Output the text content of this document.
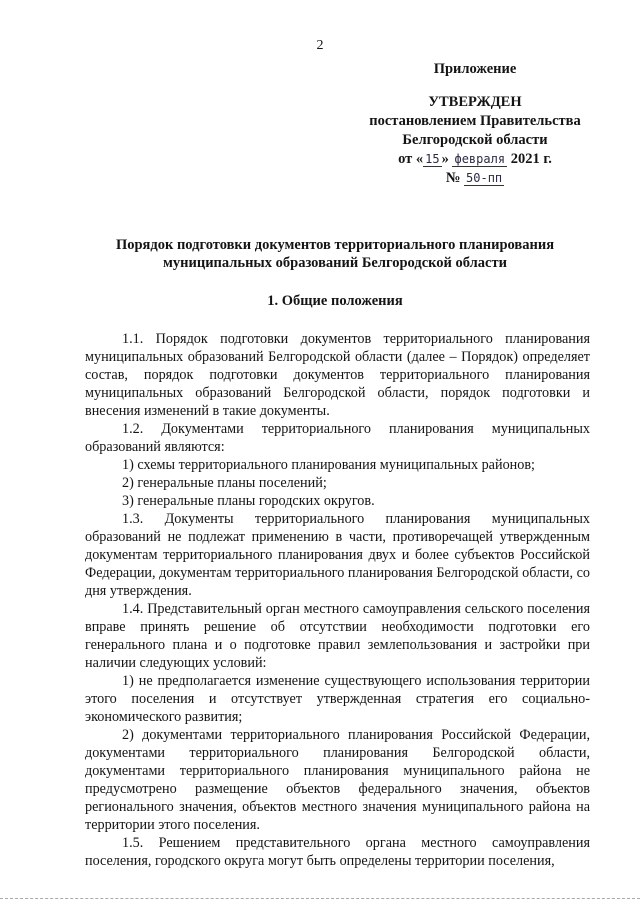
2
Приложение
УТВЕРЖДЕН
постановлением Правительства
Белгородской области
от « 15 » февраля 2021 г.
№ 50-пп
Порядок подготовки документов территориального планирования
муниципальных образований Белгородской области
1. Общие положения

1.1. Порядок подготовки документов территориального планирования муниципальных образований Белгородской области (далее – Порядок) определяет состав, порядок подготовки документов территориального планирования муниципальных образований Белгородской области, порядок подготовки и внесения изменений в такие документы.

1.2. Документами территориального планирования муниципальных образований являются:

1) схемы территориального планирования муниципальных районов;

2) генеральные планы поселений;

3) генеральные планы городских округов.

1.3. Документы территориального планирования муниципальных образований не подлежат применению в части, противоречащей утвержденным документам территориального планирования двух и более субъектов Российской Федерации, документам территориального планирования Белгородской области, со дня утверждения.

1.4. Представительный орган местного самоуправления сельского поселения вправе принять решение об отсутствии необходимости подготовки его генерального плана и о подготовке правил землепользования и застройки при наличии следующих условий:

1) не предполагается изменение существующего использования территории этого поселения и отсутствует утвержденная стратегия его социально-экономического развития;

2) документами территориального планирования Российской Федерации, документами территориального планирования Белгородской области, документами территориального планирования муниципального района не предусмотрено размещение объектов федерального значения, объектов регионального значения, объектов местного значения муниципального района на территории этого поселения.

1.5. Решением представительного органа местного самоуправления поселения, городского округа могут быть определены территории поселения,
